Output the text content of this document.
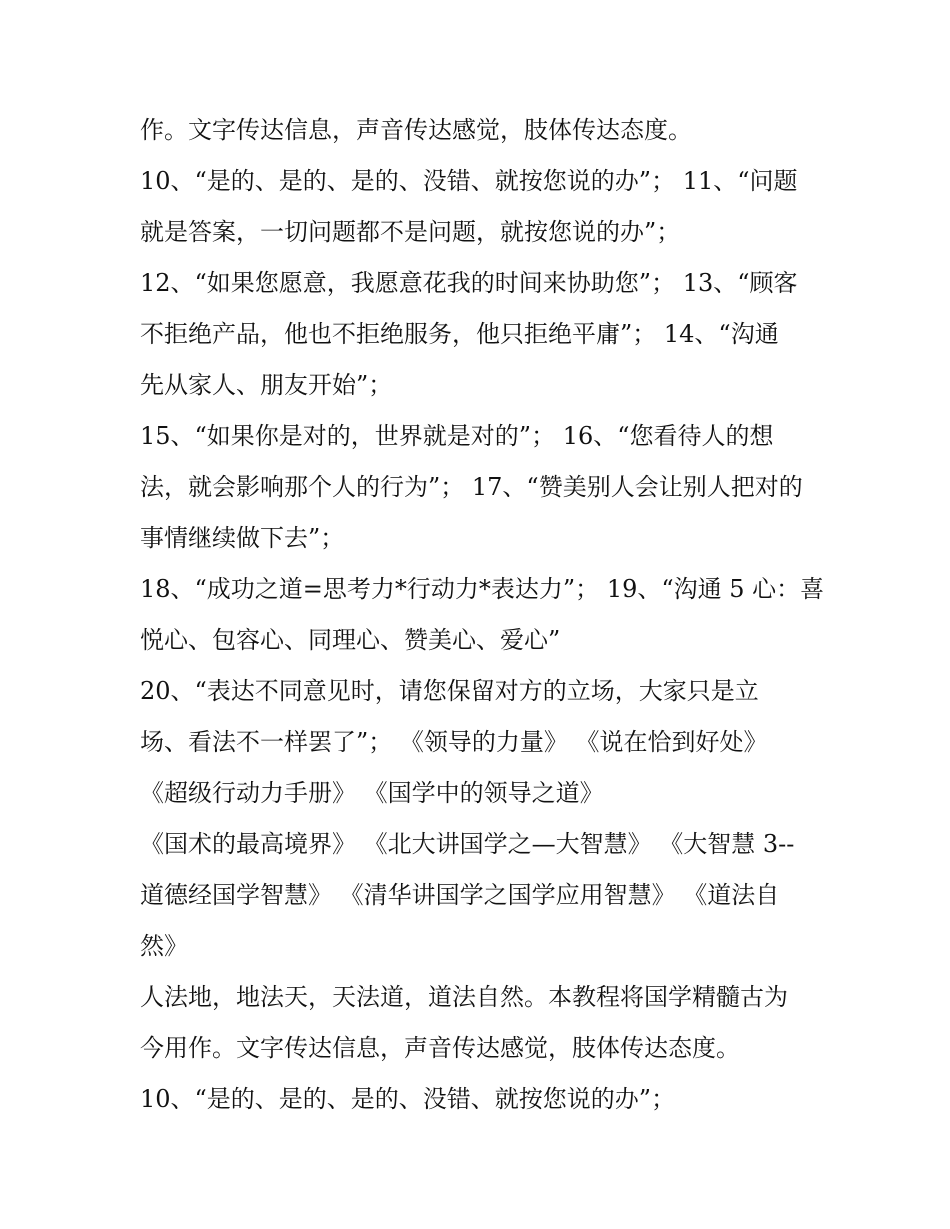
作。文字传达信息，声音传达感觉，肢体传达态度。
10、“是的、是的、是的、没错、就按您说的办”； 11、“问题
就是答案，一切问题都不是问题，就按您说的办”；
12、“如果您愿意，我愿意花我的时间来协助您”； 13、“顾客
不拒绝产品，他也不拒绝服务，他只拒绝平庸”； 14、“沟通
先从家人、朋友开始”；
15、“如果你是对的，世界就是对的”； 16、“您看待人的想
法，就会影响那个人的行为”； 17、“赞美别人会让别人把对的
事情继续做下去”；
18、“成功之道=思考力*行动力*表达力”； 19、“沟通 5 心：喜
悦心、包容心、同理心、赞美心、爱心”
20、“表达不同意见时，请您保留对方的立场，大家只是立
场、看法不一样罢了”； 《领导的力量》 《说在恰到好处》
《超级行动力手册》 《国学中的领导之道》
《国术的最高境界》 《北大讲国学之—大智慧》 《大智慧 3--
道德经国学智慧》 《清华讲国学之国学应用智慧》 《道法自
然》
人法地，地法天，天法道，道法自然。本教程将国学精髓古为
今用作。文字传达信息，声音传达感觉，肢体传达态度。
10、“是的、是的、是的、没错、就按您说的办”；
